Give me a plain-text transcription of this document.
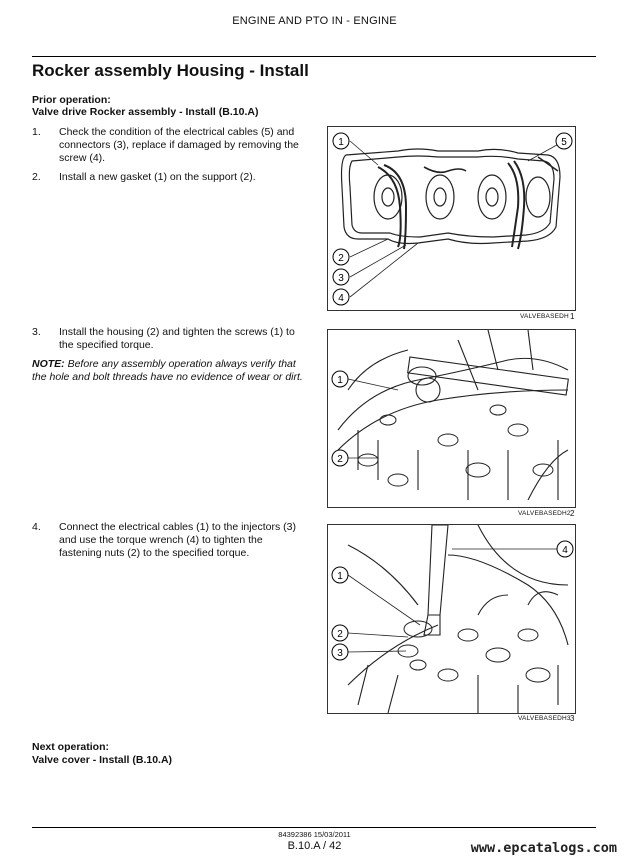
ENGINE AND PTO IN - ENGINE
Rocker assembly Housing - Install
Prior operation:
Valve drive Rocker assembly - Install (B.10.A)
1. Check the condition of the electrical cables (5) and connectors (3), replace if damaged by removing the screw (4).
2. Install a new gasket (1) on the support (2).
3. Install the housing (2) and tighten the screws (1) to the specified torque.
NOTE: Before any assembly operation always verify that the hole and bolt threads have no evidence of wear or dirt.
4. Connect the electrical cables (1) to the injectors (3) and use the torque wrench (4) to tighten the fastening nuts (2) to the specified torque.
1
2
3
4
5
VALVEBASEDH 1
1
2
VALVEBASEDH2 2
1
2
3
4
VALVEBASEDH3 3
Next operation:
Valve cover - Install (B.10.A)
84392386 15/03/2011
B.10.A / 42	www.epcatalogs.com
